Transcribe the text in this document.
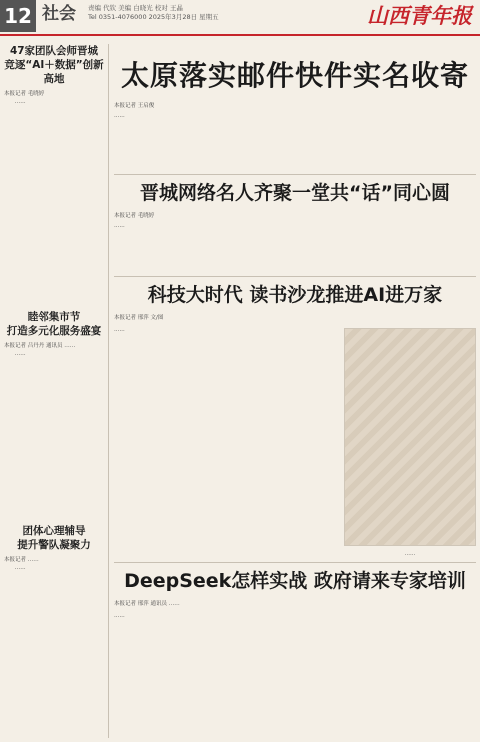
12 社会 责编 代钦 美编 白晓光 校对 王晶
Tel 0351-4076000 2025年3月28日 星期五	山西青年报
47家团队会师晋城
竞逐“AI＋数据”创新高地
本报记者 毛晓婷

……

睦邻集市节
打造多元化服务盛宴
本报记者 吕丹丹 通讯员 ……

……

团体心理辅导
提升警队凝聚力
本报记者 ……

……

太原落实邮件快件实名收寄
本报记者 王启俊

……

晋城网络名人齐聚一堂共“话”同心圆
本报记者 毛晓婷

……

科技大时代 读书沙龙推进AI进万家
本报记者 邢萍 文/图

……

……
DeepSeek怎样实战 政府请来专家培训
本报记者 邢萍 通讯员 ……

……
